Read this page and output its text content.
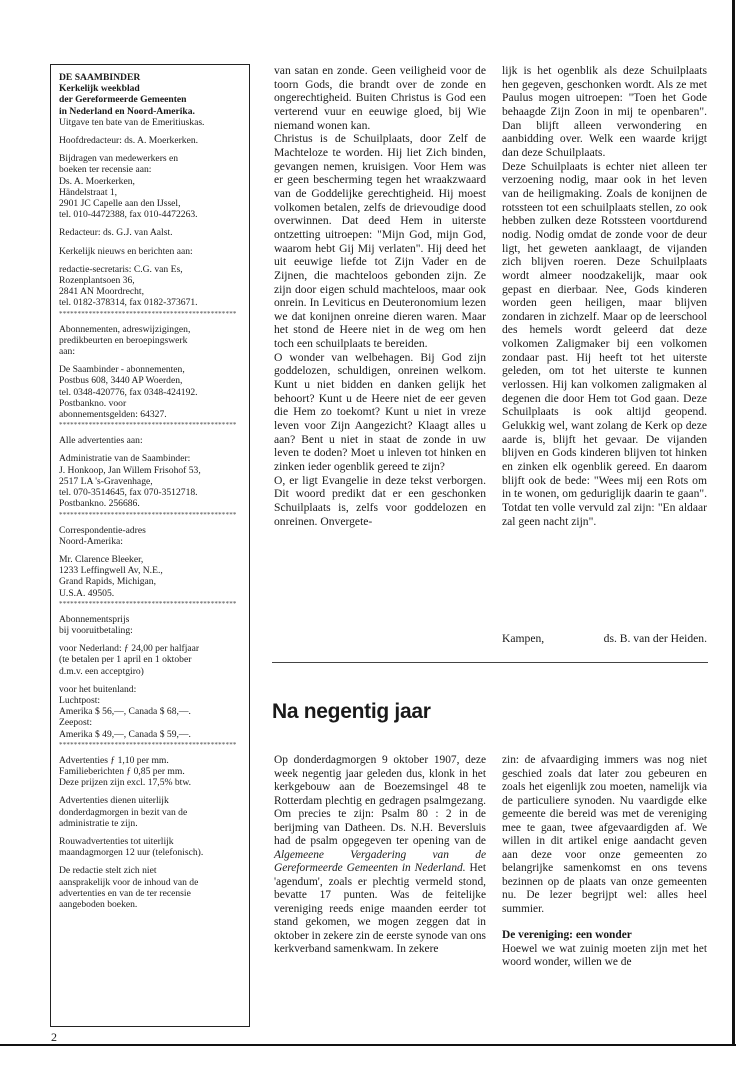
DE SAAMBINDER
Kerkelijk weekblad
der Gereformeerde Gemeenten
in Nederland en Noord-Amerika.
Uitgave ten bate van de Emeritiuskas.

Hoofdredacteur: ds. A. Moerkerken.

Bijdragen van medewerkers en
boeken ter recensie aan:
Ds. A. Moerkerken,
Händelstraat 1,
2901 JC Capelle aan den IJssel,
tel. 010-4472388, fax 010-4472263.

Redacteur: ds. G.J. van Aalst.

Kerkelijk nieuws en berichten aan:

redactie-secretaris: C.G. van Es,
Rozenplantsoen 36,
2841 AN Moordrecht,
tel. 0182-378314, fax 0182-373671.

************************************************

Abonnementen, adreswijzigingen,
predikbeurten en beroepingswerk
aan:

De Saambinder - abonnementen,
Postbus 608, 3440 AP Woerden,
tel. 0348-420776, fax 0348-424192.
Postbankno. voor
abonnementsgelden: 64327.

************************************************

Alle advertenties aan:

Administratie van de Saambinder:
J. Honkoop, Jan Willem Frisohof 53,
2517 LA 's-Gravenhage,
tel. 070-3514645, fax 070-3512718.
Postbankno. 256686.

************************************************

Correspondentie-adres
Noord-Amerika:

Mr. Clarence Bleeker,
1233 Leffingwell Av, N.E.,
Grand Rapids, Michigan,
U.S.A. 49505.

************************************************

Abonnementsprijs
bij vooruitbetaling:

voor Nederland: ƒ 24,00 per halfjaar
(te betalen per 1 april en 1 oktober
d.m.v. een acceptgiro)

voor het buitenland:
Luchtpost:
Amerika $ 56,—, Canada $ 68,—.
Zeepost:
Amerika $ 49,—, Canada $ 59,—.

************************************************

Advertenties ƒ 1,10 per mm.
Familieberichten ƒ 0,85 per mm.
Deze prijzen zijn excl. 17,5% btw.

Advertenties dienen uiterlijk
donderdagmorgen in bezit van de
administratie te zijn.

Rouwadvertenties tot uiterlijk
maandagmorgen 12 uur (telefonisch).

De redactie stelt zich niet
aansprakelijk voor de inhoud van de
advertenties en van de ter recensie
aangeboden boeken.

van satan en zonde. Geen veiligheid voor de toorn Gods, die brandt over de zonde en ongerechtigheid. Buiten Christus is God een verterend vuur en eeuwige gloed, bij Wie niemand wonen kan.

Christus is de Schuilplaats, door Zelf de Machteloze te worden. Hij liet Zich binden, gevangen nemen, kruisigen. Voor Hem was er geen bescherming tegen het wraakzwaard van de Goddelijke gerechtigheid. Hij moest volkomen betalen, zelfs de drievoudige dood overwinnen. Dat deed Hem in uiterste ontzetting uitroepen: "Mijn God, mijn God, waarom hebt Gij Mij verlaten". Hij deed het uit eeuwige liefde tot Zijn Vader en de Zijnen, die machteloos gebonden zijn. Ze zijn door eigen schuld machteloos, maar ook onrein. In Leviticus en Deuteronomium lezen we dat konijnen onreine dieren waren. Maar het stond de Heere niet in de weg om hen toch een schuilplaats te bereiden.

O wonder van welbehagen. Bij God zijn goddelozen, schuldigen, onreinen welkom. Kunt u niet bidden en danken gelijk het behoort? Kunt u de Heere niet de eer geven die Hem zo toekomt? Kunt u niet in vreze leven voor Zijn Aangezicht? Klaagt alles u aan? Bent u niet in staat de zonde in uw leven te doden? Moet u inleven tot hinken en zinken ieder ogenblik gereed te zijn?

O, er ligt Evangelie in deze tekst verborgen. Dit woord predikt dat er een geschonken Schuilplaats is, zelfs voor goddelozen en onreinen. Onvergete-

lijk is het ogenblik als deze Schuilplaats hen gegeven, geschonken wordt. Als ze met Paulus mogen uitroepen: "Toen het Gode behaagde Zijn Zoon in mij te openbaren". Dan blijft alleen verwondering en aanbidding over. Welk een waarde krijgt dan deze Schuilplaats.

Deze Schuilplaats is echter niet alleen ter verzoening nodig, maar ook in het leven van de heiligmaking. Zoals de konijnen de rotssteen tot een schuilplaats stellen, zo ook hebben zulken deze Rotssteen voortdurend nodig. Nodig omdat de zonde voor de deur ligt, het geweten aanklaagt, de vijanden zich blijven roeren. Deze Schuilplaats wordt almeer noodzakelijk, maar ook gepast en dierbaar. Nee, Gods kinderen worden geen heiligen, maar blijven zondaren in zichzelf. Maar op de leerschool des hemels wordt geleerd dat deze volkomen Zaligmaker bij een volkomen zondaar past. Hij heeft tot het uiterste geleden, om tot het uiterste te kunnen verlossen. Hij kan volkomen zaligmaken al degenen die door Hem tot God gaan. Deze Schuilplaats is ook altijd geopend. Gelukkig wel, want zolang de Kerk op deze aarde is, blijft het gevaar. De vijanden blijven en Gods kinderen blijven tot hinken en zinken elk ogenblik gereed. En daarom blijft ook de bede: "Wees mij een Rots om in te wonen, om geduriglijk daarin te gaan". Totdat ten volle vervuld zal zijn: "En aldaar zal geen nacht zijn".

Kampen,	ds. B. van der Heiden.
Na negentig jaar

Op donderdagmorgen 9 oktober 1907, deze week negentig jaar geleden dus, klonk in het kerkgebouw aan de Boezemsingel 48 te Rotterdam plechtig en gedragen psalmgezang. Om precies te zijn: Psalm 80 : 2 in de berijming van Datheen. Ds. N.H. Beversluis had de psalm opgegeven ter opening van de Algemeene Vergadering van de Gereformeerde Gemeenten in Nederland. Het 'agendum', zoals er plechtig vermeld stond, bevatte 17 punten. Was de feitelijke vereniging reeds enige maanden eerder tot stand gekomen, we mogen zeggen dat in oktober in zekere zin de eerste synode van ons kerkverband samenkwam. In zekere

zin: de afvaardiging immers was nog niet geschied zoals dat later zou gebeuren en zoals het eigenlijk zou moeten, namelijk via de particuliere synoden. Nu vaardigde elke gemeente die bereid was met de vereniging mee te gaan, twee afgevaardigden af. We willen in dit artikel enige aandacht geven aan deze voor onze gemeenten zo belangrijke samenkomst en ons tevens bezinnen op de plaats van onze gemeenten nu. De lezer begrijpt wel: alles heel summier.

De vereniging: een wonder

Hoewel we wat zuinig moeten zijn met het woord wonder, willen we de

2
